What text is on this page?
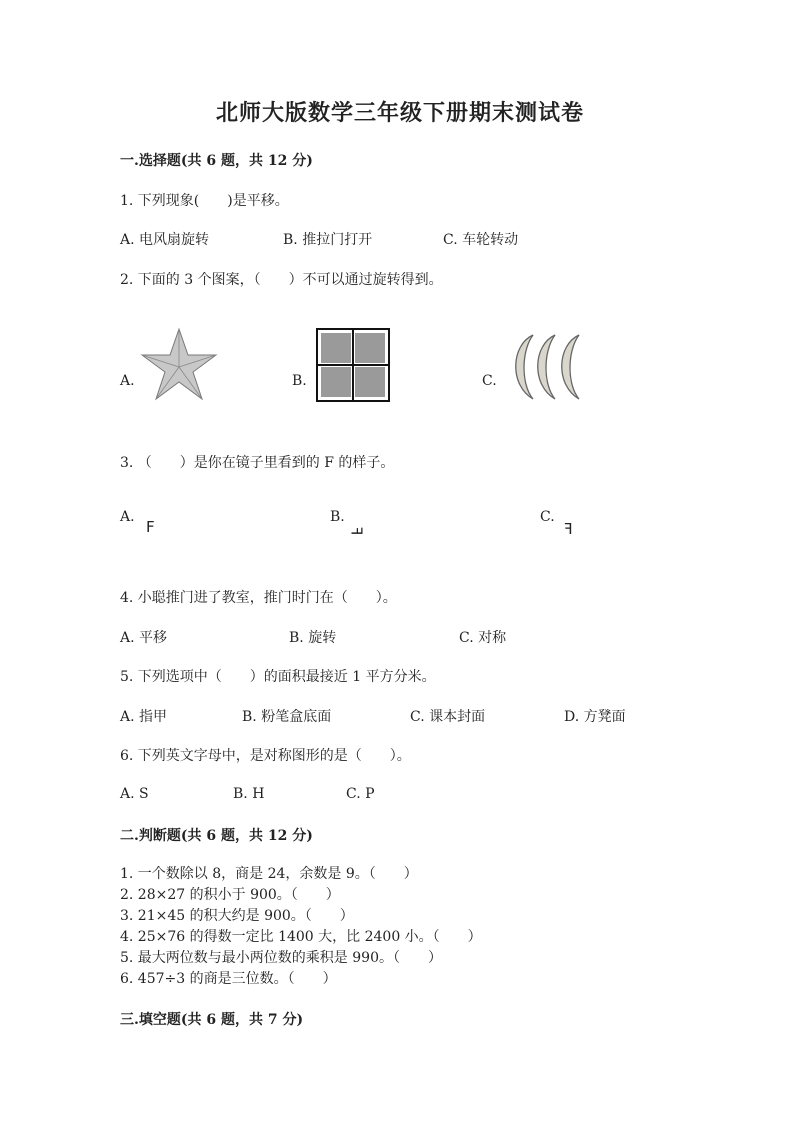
北师大版数学三年级下册期末测试卷
一.选择题(共 6 题，共 12 分)
1. 下列现象(　　)是平移。
A. 电风扇旋转	B. 推拉门打开	C. 车轮转动
2. 下面的 3 个图案，（　　）不可以通过旋转得到。
A.	B.	C.
3. （　　）是你在镜子里看到的 F 的样子。
A.
F
B.
F
C.
F
4. 小聪推门进了教室，推门时门在（　　）。
A. 平移	B. 旋转	C. 对称
5. 下列选项中（　　）的面积最接近 1 平方分米。
A. 指甲	B. 粉笔盒底面	C. 课本封面	D. 方凳面
6. 下列英文字母中，是对称图形的是（　　）。
A. S	B. H	C. P
二.判断题(共 6 题，共 12 分)
1. 一个数除以 8，商是 24，余数是 9。（　　）
2. 28×27 的积小于 900。（　　）
3. 21×45 的积大约是 900。（　　）
4. 25×76 的得数一定比 1400 大，比 2400 小。（　　）
5. 最大两位数与最小两位数的乘积是 990。（　　）
6. 457÷3 的商是三位数。（　　）
三.填空题(共 6 题，共 7 分)
